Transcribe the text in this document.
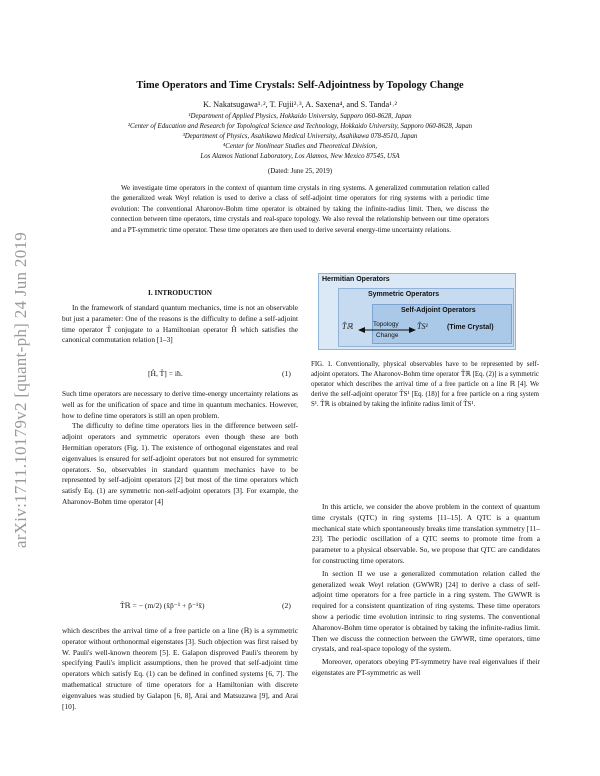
arXiv:1711.10179v2 [quant-ph] 24 Jun 2019
Time Operators and Time Crystals: Self-Adjointness by Topology Change
K. Nakatsugawa¹˒², T. Fujii²˒³, A. Saxena⁴, and S. Tanda¹˒²
¹Department of Applied Physics, Hokkaido University, Sapporo 060-8628, Japan
²Center of Education and Research for Topological Science and Technology, Hokkaido University, Sapporo 060-8628, Japan
³Department of Physics, Asahikawa Medical University, Asahikawa 078-8510, Japan
⁴Center for Nonlinear Studies and Theoretical Division,
Los Alamos National Laboratory, Los Alamos, New Mexico 87545, USA
(Dated: June 25, 2019)
We investigate time operators in the context of quantum time crystals in ring systems. A generalized commutation relation called the generalized weak Weyl relation is used to derive a class of self-adjoint time operators for ring systems with a periodic time evolution: The conventional Aharonov-Bohm time operator is obtained by taking the infinite-radius limit. Then, we discuss the connection between time operators, time crystals and real-space topology. We also reveal the relationship between our time operators and a PT-symmetric time operator. These time operators are then used to derive several energy-time uncertainty relations.
I. INTRODUCTION

In the framework of standard quantum mechanics, time is not an observable but just a parameter: One of the reasons is the difficulty to define a self-adjoint time operator T̂ conjugate to a Hamiltonian operator Ĥ which satisfies the canonical commutation relation [1–3]

[Ĥ, T̂] = iħ.	(1)

Such time operators are necessary to derive time-energy uncertainty relations as well as for the unification of space and time in quantum mechanics. However, how to define time operators is still an open problem.

The difficulty to define time operators lies in the difference between self-adjoint operators and symmetric operators even though these are both Hermitian operators (Fig. 1). The existence of orthogonal eigenstates and real eigenvalues is ensured for self-adjoint operators but not ensured for symmetric operators. So, observables in standard quantum mechanics have to be represented by self-adjoint operators [2] but most of the time operators which satisfy Eq. (1) are symmetric non-self-adjoint operators [3]. For example, the Aharonov-Bohm time operator [4]

T̂ℝ = − (m/2) (x̂p̂⁻¹ + p̂⁻¹x̂)	(2)

which describes the arrival time of a free particle on a line (ℝ) is a symmetric operator without orthonormal eigenstates [3]. Such objection was first raised by W. Pauli's well-known theorem [5]. E. Galapon disproved Pauli's theorem by specifying Pauli's implicit assumptions, then he proved that self-adjoint time operators which satisfy Eq. (1) can be defined in confined systems [6, 7]. The mathematical structure of time operators for a Hamiltonian with discrete eigenvalues was studied by Galapon [6, 8], Arai and Matsuzawa [9], and Arai [10].

Hermitian Operators
Symmetric Operators
Self-Adjoint Operators
T̂ℝ	T̂S¹	(Time Crystal)
Topology
Change
FIG. 1. Conventionally, physical observables have to be represented by self-adjoint operators. The Aharonov-Bohm time operator T̂ℝ [Eq. (2)] is a symmetric operator which describes the arrival time of a free particle on a line ℝ [4]. We derive the self-adjoint operator T̂S¹ [Eq. (18)] for a free particle on a ring system S¹. T̂ℝ is obtained by taking the infinite radius limit of T̂S¹.

In this article, we consider the above problem in the context of quantum time crystals (QTC) in ring systems [11–15]. A QTC is a quantum mechanical state which spontaneously breaks time translation symmetry [11–23]. The periodic oscillation of a QTC seems to promote time from a parameter to a physical observable. So, we propose that QTC are candidates for constructing time operators.

In section II we use a generalized commutation relation called the generalized weak Weyl relation (GWWR) [24] to derive a class of self-adjoint time operators for a free particle in a ring system. The GWWR is required for a consistent quantization of ring systems. These time operators show a periodic time evolution intrinsic to ring systems. The conventional Aharonov-Bohm time operator is obtained by taking the infinite-radius limit. Then we discuss the connection between the GWWR, time operators, time crystals, and real-space topology of the system.

Moreover, operators obeying PT-symmetry have real eigenvalues if their eigenstates are PT-symmetric as well
